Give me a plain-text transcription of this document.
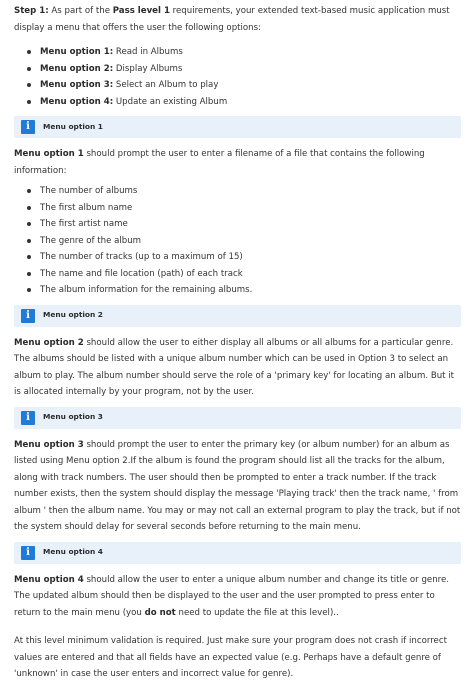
Step 1: As part of the Pass level 1 requirements, your extended text-based music application must display a menu that offers the user the following options:

Menu option 1: Read in Albums
Menu option 2: Display Albums
Menu option 3: Select an Album to play
Menu option 4: Update an existing Album
i	Menu option 1

Menu option 1 should prompt the user to enter a filename of a file that contains the following information:

The number of albums
The first album name
The first artist name
The genre of the album
The number of tracks (up to a maximum of 15)
The name and file location (path) of each track
The album information for the remaining albums.
i	Menu option 2

Menu option 2 should allow the user to either display all albums or all albums for a particular genre. The albums should be listed with a unique album number which can be used in Option 3 to select an album to play. The album number should serve the role of a 'primary key' for locating an album. But it is allocated internally by your program, not by the user.

i	Menu option 3

Menu option 3 should prompt the user to enter the primary key (or album number) for an album as listed using Menu option 2.If the album is found the program should list all the tracks for the album, along with track numbers. The user should then be prompted to enter a track number. If the track number exists, then the system should display the message 'Playing track' then the track name, ' from album ' then the album name. You may or may not call an external program to play the track, but if not the system should delay for several seconds before returning to the main menu.

i	Menu option 4

Menu option 4 should allow the user to enter a unique album number and change its title or genre. The updated album should then be displayed to the user and the user prompted to press enter to return to the main menu (you do not need to update the file at this level)..

At this level minimum validation is required. Just make sure your program does not crash if incorrect values are entered and that all fields have an expected value (e.g. Perhaps have a default genre of 'unknown' in case the user enters and incorrect value for genre).
